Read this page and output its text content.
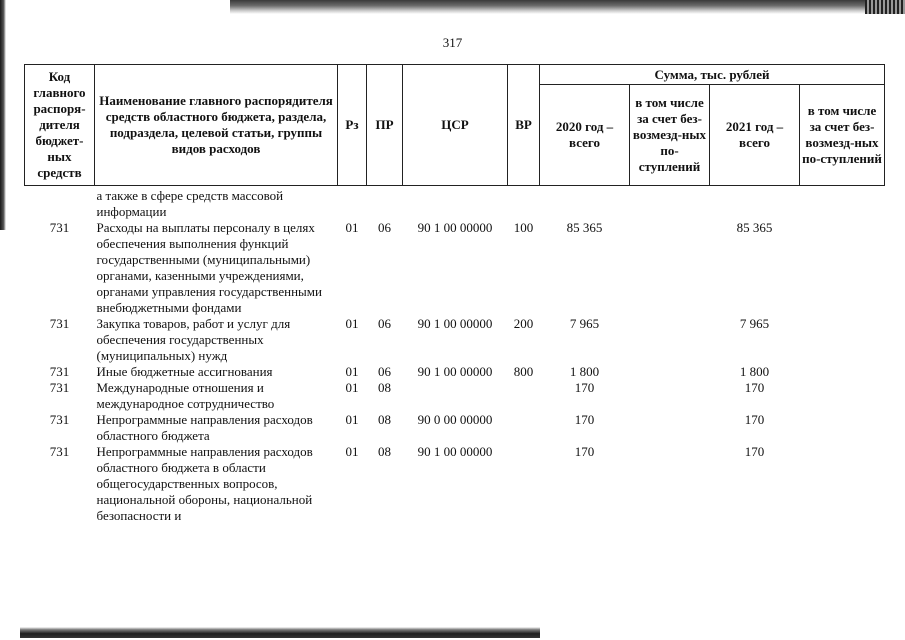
317
Код главного распоря-дителя бюджет-ных средств	Наименование главного распорядителя средств областного бюджета, раздела, подраздела, целевой статьи, группы видов расходов	Рз	ПР	ЦСР	ВР	Сумма, тыс. рублей			
						2020 год – всего	в том числе за счет без-возмезд-ных по-ступлений	2021 год – всего	в том числе за счет без-возмезд-ных по-ступлений
	а также в сфере средств массовой информации								
731	Расходы на выплаты персоналу в целях обеспечения выполнения функций государственными (муниципальными) органами, казенными учреждениями, органами управления государственными внебюджетными фондами	01	06	90 1 00 00000	100	85 365		85 365	
731	Закупка товаров, работ и услуг для обеспечения государственных (муниципальных) нужд	01	06	90 1 00 00000	200	7 965		7 965	
731	Иные бюджетные ассигнования	01	06	90 1 00 00000	800	1 800		1 800	
731	Международные отношения и международное сотрудничество	01	08			170		170	
731	Непрограммные направления расходов областного бюджета	01	08	90 0 00 00000		170		170	
731	Непрограммные направления расходов областного бюджета в области общегосударственных вопросов, национальной обороны, национальной безопасности и	01	08	90 1 00 00000		170		170	
